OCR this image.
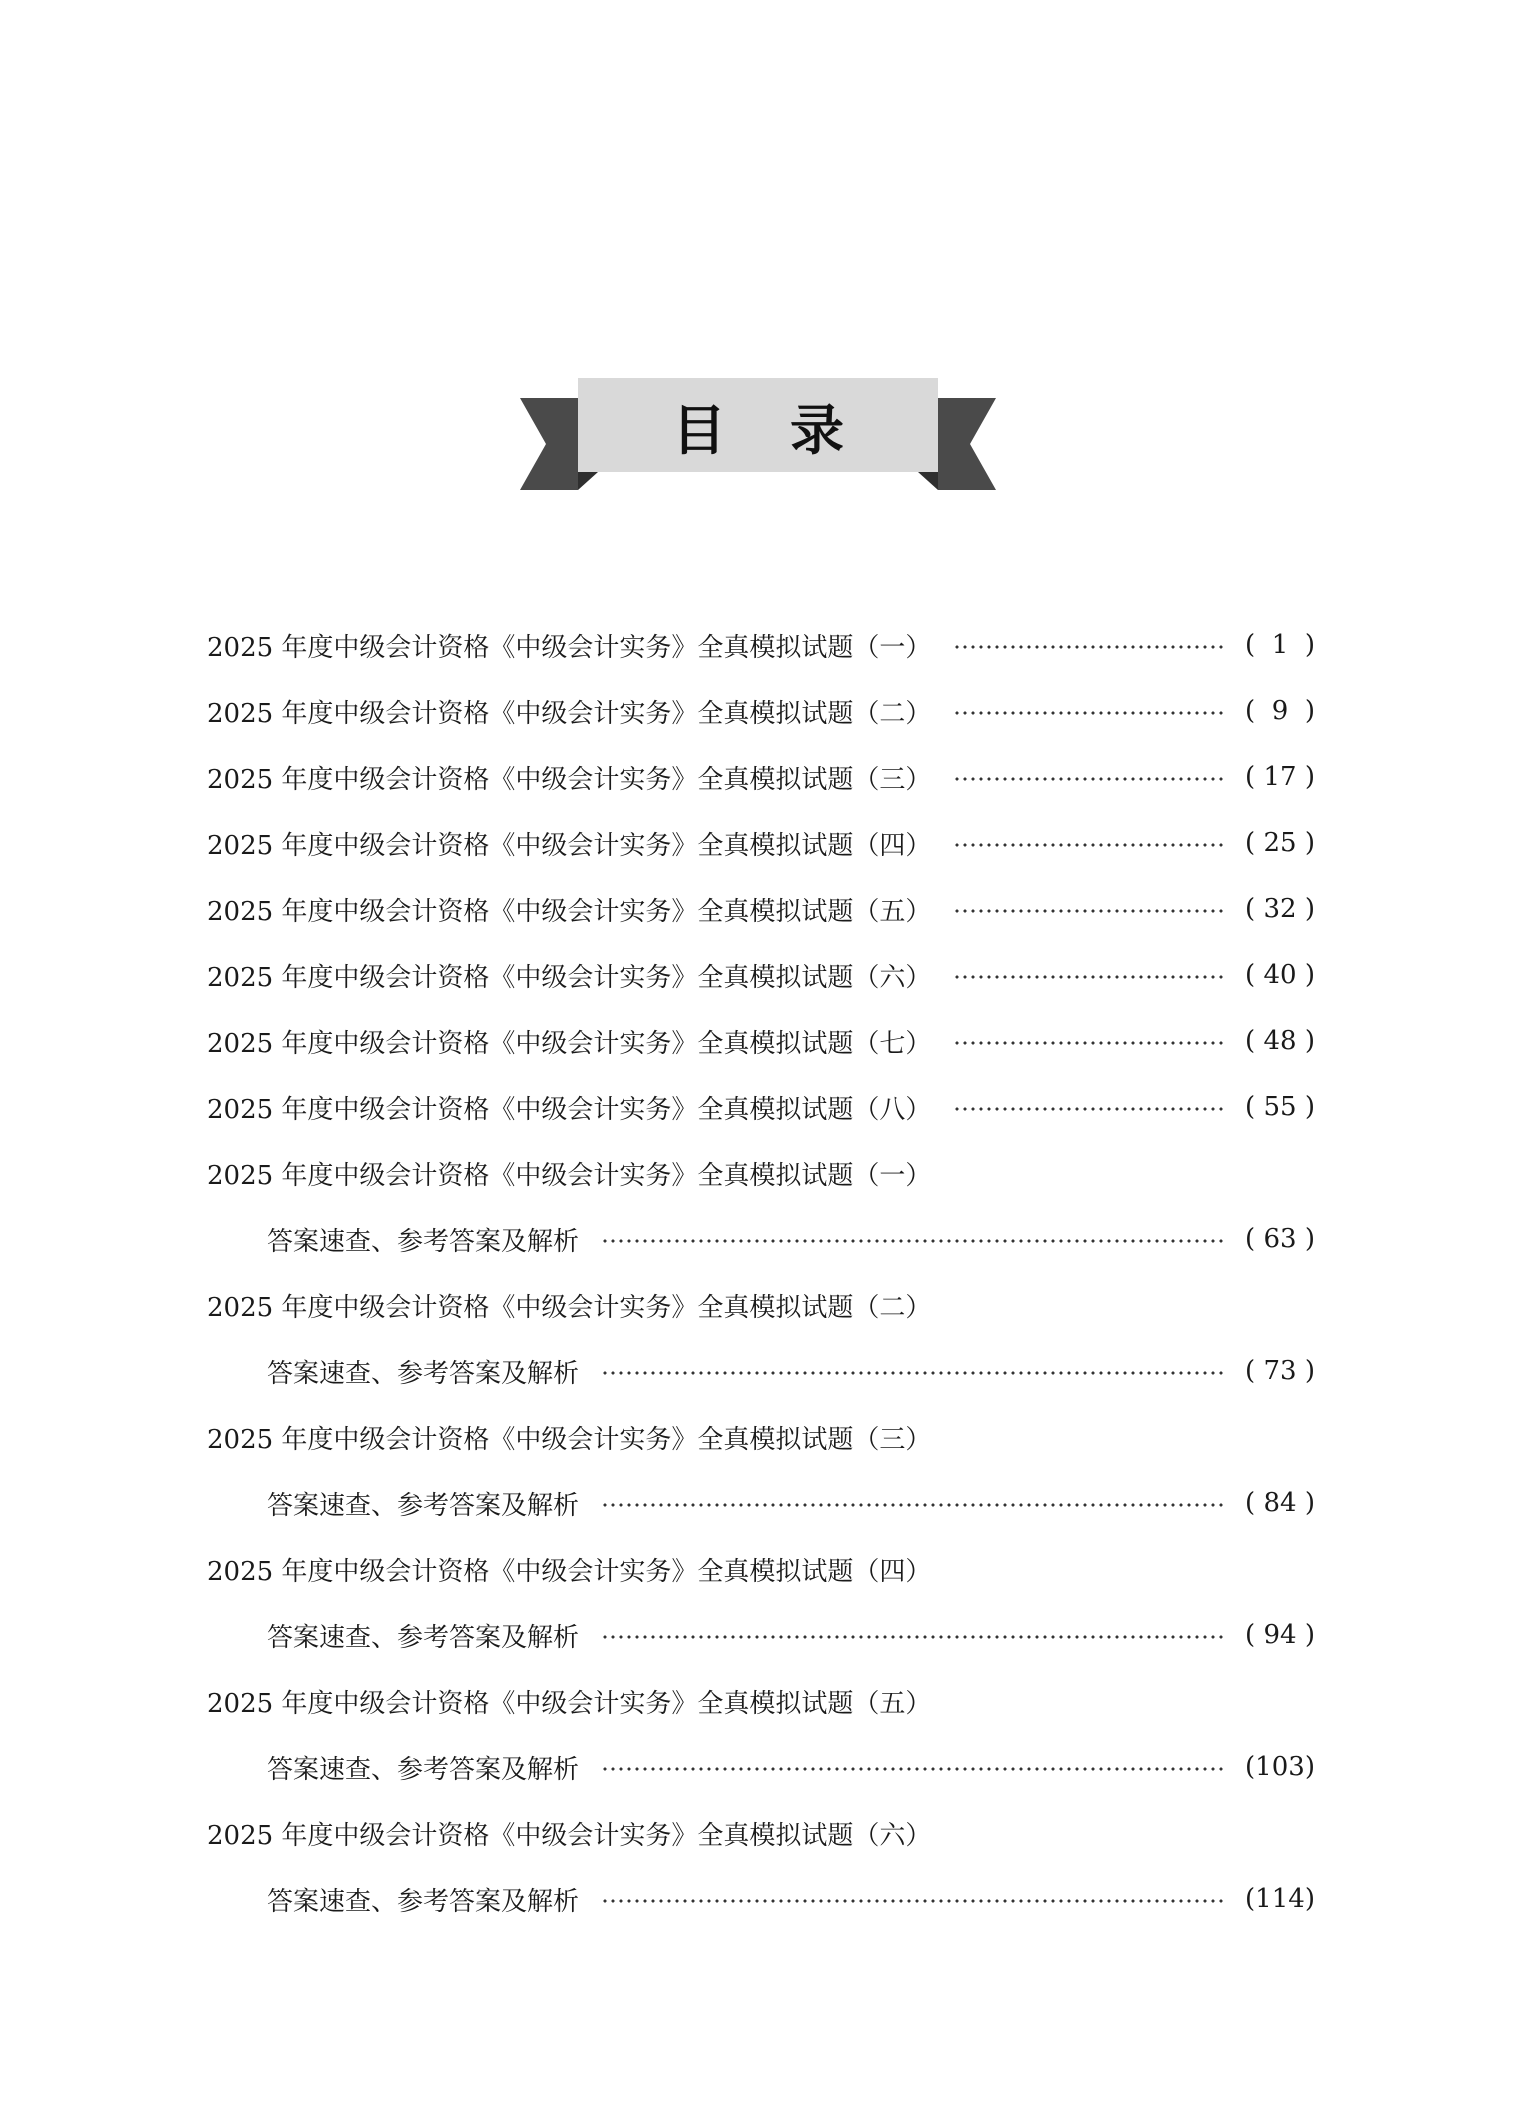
目录
2025 年度中级会计资格《中级会计实务》全真模拟试题（一）	( 1 )
2025 年度中级会计资格《中级会计实务》全真模拟试题（二）	( 9 )
2025 年度中级会计资格《中级会计实务》全真模拟试题（三）	( 17 )
2025 年度中级会计资格《中级会计实务》全真模拟试题（四）	( 25 )
2025 年度中级会计资格《中级会计实务》全真模拟试题（五）	( 32 )
2025 年度中级会计资格《中级会计实务》全真模拟试题（六）	( 40 )
2025 年度中级会计资格《中级会计实务》全真模拟试题（七）	( 48 )
2025 年度中级会计资格《中级会计实务》全真模拟试题（八）	( 55 )
2025 年度中级会计资格《中级会计实务》全真模拟试题（一）
答案速查、参考答案及解析	( 63 )
2025 年度中级会计资格《中级会计实务》全真模拟试题（二）
答案速查、参考答案及解析	( 73 )
2025 年度中级会计资格《中级会计实务》全真模拟试题（三）
答案速查、参考答案及解析	( 84 )
2025 年度中级会计资格《中级会计实务》全真模拟试题（四）
答案速查、参考答案及解析	( 94 )
2025 年度中级会计资格《中级会计实务》全真模拟试题（五）
答案速查、参考答案及解析	( 103 )
2025 年度中级会计资格《中级会计实务》全真模拟试题（六）
答案速查、参考答案及解析	( 114 )
